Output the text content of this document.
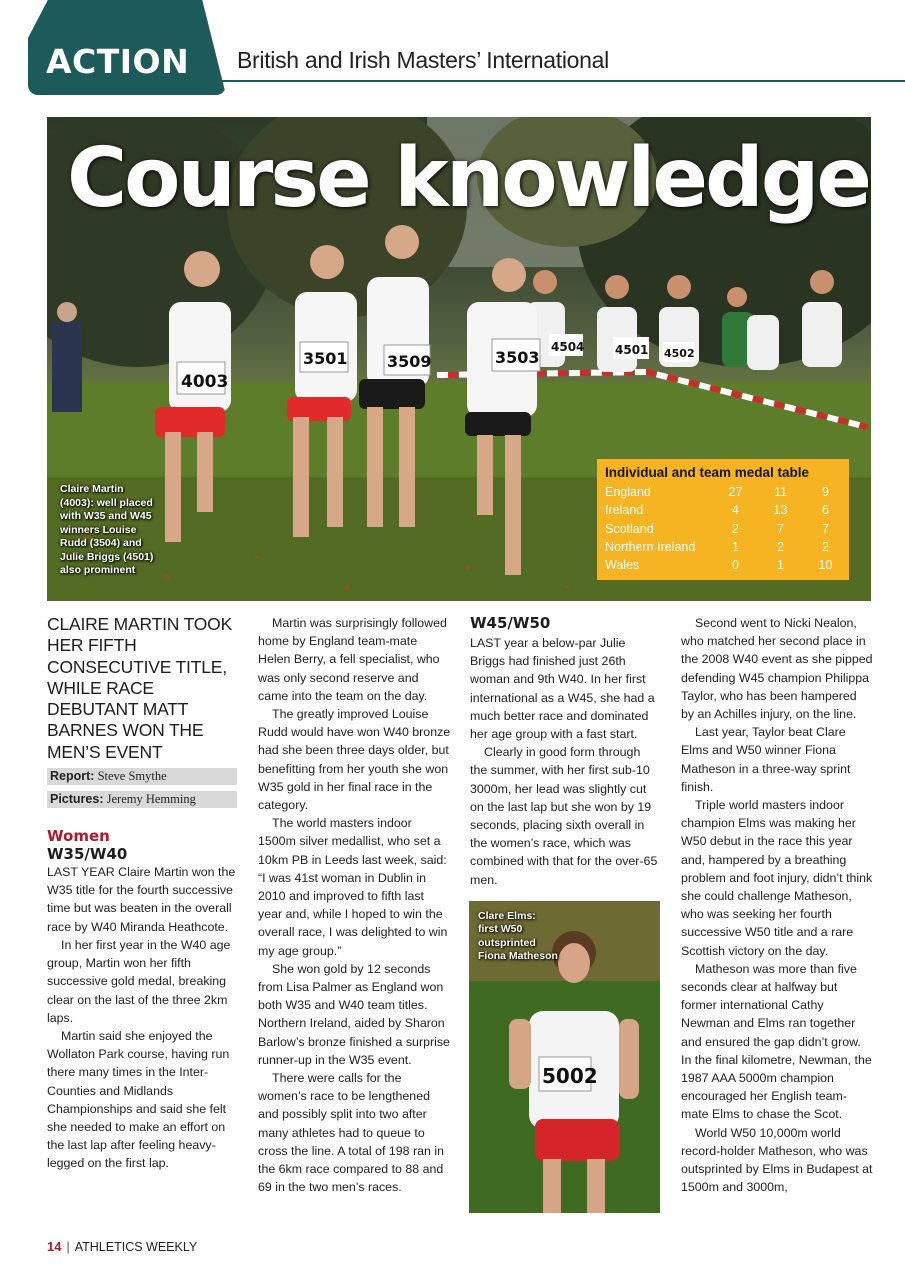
ACTION British and Irish Masters’ International
4003
3501 3509	3503
4504	4501 4502
Course knowledge
Claire Martin (4003): well placed with W35 and W45 winners Louise Rudd (3504) and Julie Briggs (4501) also prominent
Individual and team medal table
England	27	11	9
Ireland	4	13	6
Scotland	2	7	7
Northern Ireland	1	2	2
Wales	0	1	10
CLAIRE MARTIN TOOK HER FIFTH CONSECUTIVE TITLE, WHILE RACE DEBUTANT MATT BARNES WON THE MEN’S EVENT
Report: Steve Smythe
Pictures: Jeremy Hemming
Women
W35/W40

LAST YEAR Claire Martin won the W35 title for the fourth successive time but was beaten in the overall race by W40 Miranda Heathcote.

In her first year in the W40 age group, Martin won her fifth successive gold medal, breaking clear on the last of the three 2km laps.

Martin said she enjoyed the Wollaton Park course, having run there many times in the Inter-Counties and Midlands Championships and said she felt she needed to make an effort on the last lap after feeling heavy-legged on the first lap.

Martin was surprisingly followed home by England team-mate Helen Berry, a fell specialist, who was only second reserve and came into the team on the day.

The greatly improved Louise Rudd would have won W40 bronze had she been three days older, but benefitting from her youth she won W35 gold in her final race in the category.

The world masters indoor 1500m silver medallist, who set a 10km PB in Leeds last week, said: “I was 41st woman in Dublin in 2010 and improved to fifth last year and, while I hoped to win the overall race, I was delighted to win my age group.”

She won gold by 12 seconds from Lisa Palmer as England won both W35 and W40 team titles. Northern Ireland, aided by Sharon Barlow’s bronze finished a surprise runner-up in the W35 event.

There were calls for the women’s race to be lengthened and possibly split into two after many athletes had to queue to cross the line. A total of 198 ran in the 6km race compared to 88 and 69 in the two men’s races.

W45/W50

LAST year a below-par Julie Briggs had finished just 26th woman and 9th W40. In her first international as a W45, she had a much better race and dominated her age group with a fast start.

Clearly in good form through the summer, with her first sub-10 3000m, her lead was slightly cut on the last lap but she won by 19 seconds, placing sixth overall in the women’s race, which was combined with that for the over-65 men.

5002
Clare Elms: first W50 outsprinted Fiona Matheson

Second went to Nicki Nealon, who matched her second place in the 2008 W40 event as she pipped defending W45 champion Philippa Taylor, who has been hampered by an Achilles injury, on the line.

Last year, Taylor beat Clare Elms and W50 winner Fiona Matheson in a three-way sprint finish.

Triple world masters indoor champion Elms was making her W50 debut in the race this year and, hampered by a breathing problem and foot injury, didn’t think she could challenge Matheson, who was seeking her fourth successive W50 title and a rare Scottish victory on the day.

Matheson was more than five seconds clear at halfway but former international Cathy Newman and Elms ran together and ensured the gap didn’t grow. In the final kilometre, Newman, the 1987 AAA 5000m champion encouraged her English team-mate Elms to chase the Scot.

World W50 10,000m world record-holder Matheson, who was outsprinted by Elms in Budapest at 1500m and 3000m,

14 | ATHLETICS WEEKLY
